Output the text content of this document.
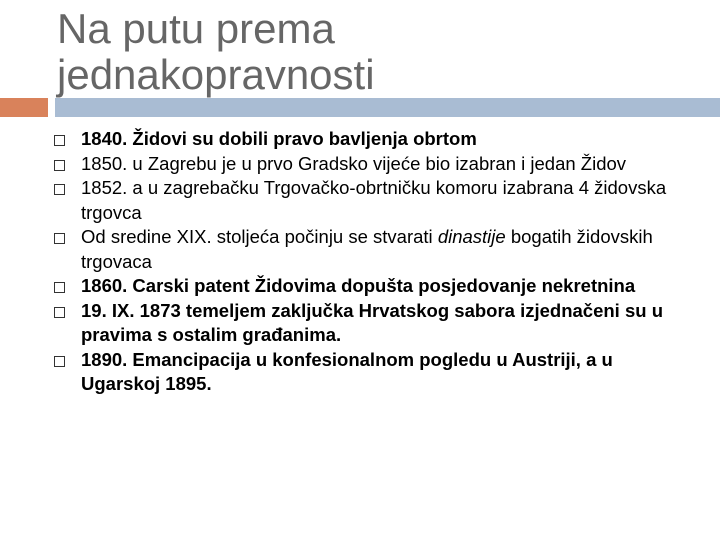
Na putu prema
jednakopravnosti
1840. Židovi su dobili pravo bavljenja obrtom
1850. u Zagrebu je u prvo Gradsko vijeće bio izabran i jedan Židov
1852. a u zagrebačku Trgovačko-obrtničku komoru izabrana 4 židovska trgovca
Od sredine XIX. stoljeća počinju se stvarati dinastije bogatih židovskih trgovaca
1860. Carski patent Židovima dopušta posjedovanje nekretnina
19. IX. 1873 temeljem zaključka Hrvatskog sabora izjednačeni su u pravima s ostalim građanima.
1890. Emancipacija u konfesionalnom pogledu u Austriji, a u Ugarskoj 1895.
